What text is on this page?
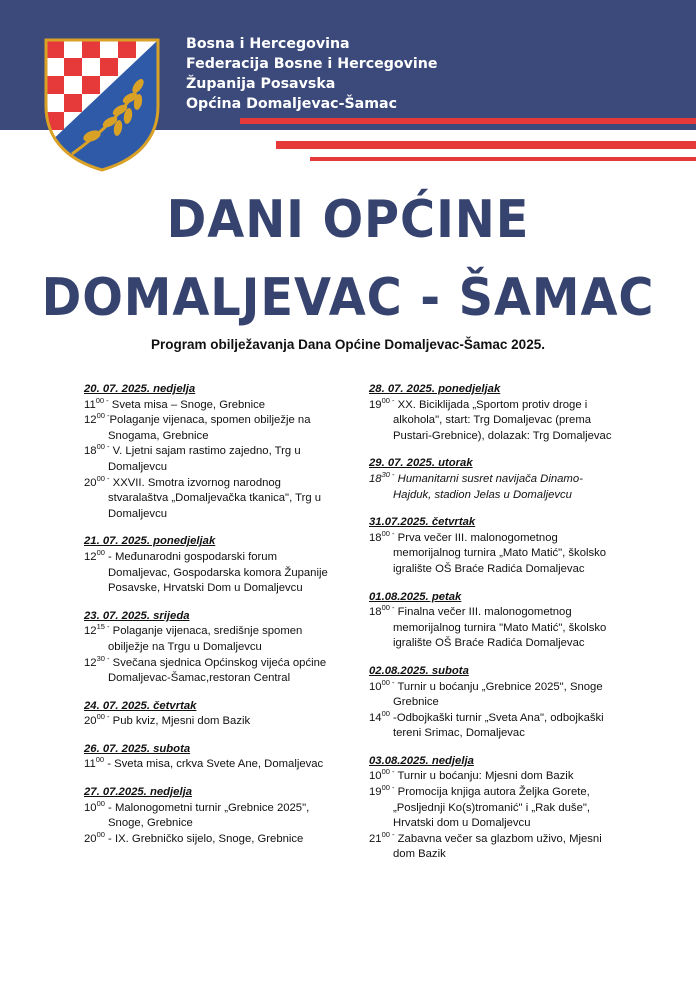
Bosna i Hercegovina
Federacija Bosne i Hercegovine
Županija Posavska
Općina Domaljevac-Šamac
DANI OPĆINE
DOMALJEVAC - ŠAMAC
Program obilježavanja Dana Općine Domaljevac-Šamac 2025.
20. 07. 2025. nedjelja
$11^{00 -}$ Sveta misa – Snoge, Grebnice
$12^{00 -}Polaganje$ vijenaca, spomen obilježje na Snogama, Grebnice
$18^{00 -}$ V. Ljetni sajam rastimo zajedno, Trg u Domaljevcu
$20^{00 -}$ XXVII. Smotra izvornog narodnog stvaralaštva „Domaljevačka tkanica", Trg u Domaljevcu
21. 07. 2025. ponedjeljak
$12^{00}$ - Međunarodni gospodarski forum Domaljevac, Gospodarska komora Županije Posavske, Hrvatski Dom u Domaljevcu
23. 07. 2025. srijeda
$12^{15 -}$ Polaganje vijenaca, središnje spomen obilježje na Trgu u Domaljevcu
$12^{30 -}$ Svečana sjednica Općinskog vijeća općine Domaljevac-Šamac,restoran Central
24. 07. 2025. četvrtak
$20^{00 -}$ Pub kviz, Mjesni dom Bazik
26. 07. 2025. subota
$11^{00}$ - Sveta misa, crkva Svete Ane, Domaljevac
27. 07.2025. nedjelja
$10^{00}$ - Malonogometni turnir „Grebnice 2025", Snoge, Grebnice
$20^{00}$ - IX. Grebničko sijelo, Snoge, Grebnice
28. 07. 2025. ponedjeljak
$19^{00 -}$ XX. Biciklijada „Sportom protiv droge i alkohola", start: Trg Domaljevac (prema Pustari-Grebnice), dolazak: Trg Domaljevac
29. 07. 2025. utorak
$18^{30 -}$ Humanitarni susret navijača Dinamo-Hajduk, stadion Jelas u Domaljevcu
31.07.2025. četvrtak
$18^{00 -}$ Prva večer III. malonogometnog memorijalnog turnira „Mato Matić", školsko igralište OŠ Braće Radića Domaljevac
01.08.2025. petak
$18^{00 -}$ Finalna večer III. malonogometnog memorijalnog turnira "Mato Matić", školsko igralište OŠ Braće Radića Domaljevac
02.08.2025. subota
$10^{00 -}$ Turnir u boćanju „Grebnice 2025", Snoge Grebnice
$14^{00}$ -Odbojkaški turnir „Sveta Ana", odbojkaški tereni Srimac, Domaljevac
03.08.2025. nedjelja
$10^{00 -}$ Turnir u boćanju: Mjesni dom Bazik
$19^{00 -}$ Promocija knjiga autora Željka Gorete, „Posljednji Ko(s)tromanić" i „Rak duše", Hrvatski dom u Domaljevcu
$21^{00 -}$ Zabavna večer sa glazbom uživo, Mjesni dom Bazik
